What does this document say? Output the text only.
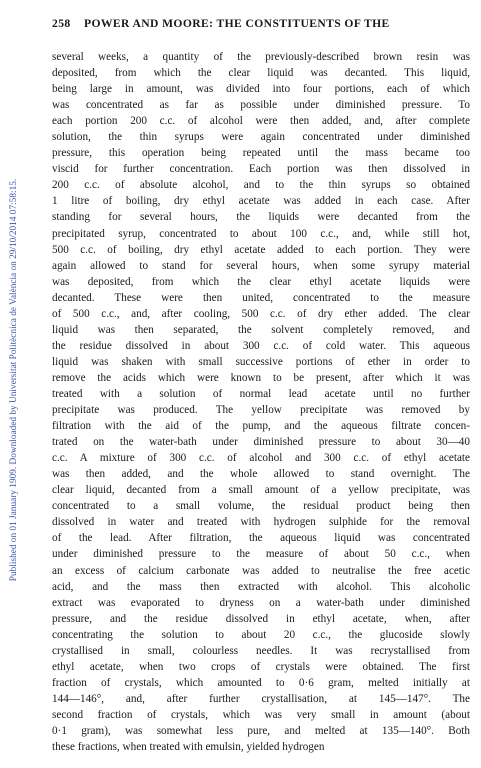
Published on 01 January 1909. Downloaded by Universitat Politècnica de València on 29/10/2014 07:58:15.
258 POWER AND MOORE: THE CONSTITUENTS OF THE
several weeks, a quantity of the previously-described brown resin was
deposited, from which the clear liquid was decanted. This liquid,
being large in amount, was divided into four portions, each of which
was concentrated as far as possible under diminished pressure. To
each portion 200 c.c. of alcohol were then added, and, after complete
solution, the thin syrups were again concentrated under diminished
pressure, this operation being repeated until the mass became too
viscid for further concentration. Each portion was then dissolved in
200 c.c. of absolute alcohol, and to the thin syrups so obtained
1 litre of boiling, dry ethyl acetate was added in each case. After
standing for several hours, the liquids were decanted from the
precipitated syrup, concentrated to about 100 c.c., and, while still hot,
500 c.c. of boiling, dry ethyl acetate added to each portion. They were
again allowed to stand for several hours, when some syrupy material
was deposited, from which the clear ethyl acetate liquids were
decanted. These were then united, concentrated to the measure
of 500 c.c., and, after cooling, 500 c.c. of dry ether added. The clear
liquid was then separated, the solvent completely removed, and
the residue dissolved in about 300 c.c. of cold water. This aqueous
liquid was shaken with small successive portions of ether in order to
remove the acids which were known to be present, after which it was
treated with a solution of normal lead acetate until no further
precipitate was produced. The yellow precipitate was removed by
filtration with the aid of the pump, and the aqueous filtrate concen-
trated on the water-bath under diminished pressure to about 30—40
c.c. A mixture of 300 c.c. of alcohol and 300 c.c. of ethyl acetate
was then added, and the whole allowed to stand overnight. The
clear liquid, decanted from a small amount of a yellow precipitate, was
concentrated to a small volume, the residual product being then
dissolved in water and treated with hydrogen sulphide for the removal
of the lead. After filtration, the aqueous liquid was concentrated
under diminished pressure to the measure of about 50 c.c., when
an excess of calcium carbonate was added to neutralise the free acetic
acid, and the mass then extracted with alcohol. This alcoholic
extract was evaporated to dryness on a water-bath under diminished
pressure, and the residue dissolved in ethyl acetate, when, after
concentrating the solution to about 20 c.c., the glucoside slowly
crystallised in small, colourless needles. It was recrystallised from
ethyl acetate, when two crops of crystals were obtained. The first
fraction of crystals, which amounted to 0·6 gram, melted initially at
144—146°, and, after further crystallisation, at 145—147°. The
second fraction of crystals, which was very small in amount (about
0·1 gram), was somewhat less pure, and melted at 135—140°. Both
these fractions, when treated with emulsin, yielded hydrogen
